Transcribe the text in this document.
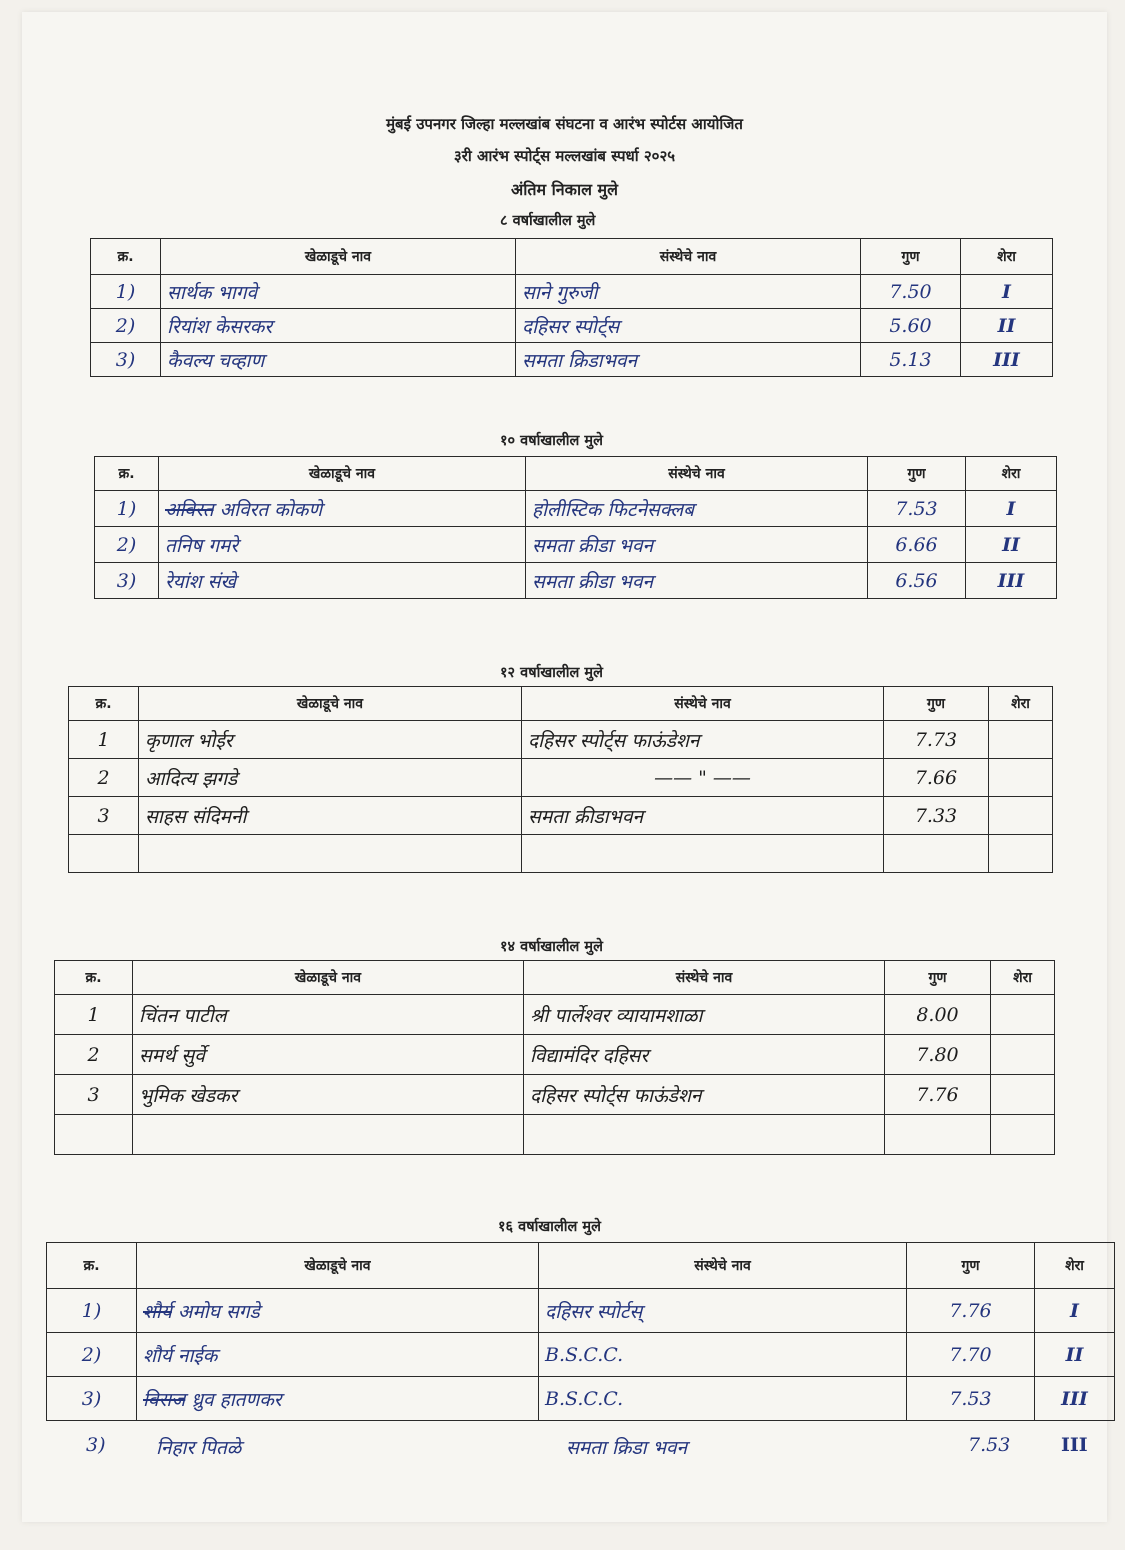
मुंबई उपनगर जिल्हा मल्लखांब संघटना व आरंभ स्पोर्टस आयोजित
३री आरंभ स्पोर्ट्स मल्लखांब स्पर्धा २०२५
अंतिम निकाल मुले
८ वर्षाखालील मुले
क्र.	खेळाडूचे नाव	संस्थेचे नाव	गुण	शेरा
1)	सार्थक भागवे	साने गुरुजी	7.50	I
2)	रियांश केसरकर	दहिसर स्पोर्ट्स	5.60	II
3)	कैवल्य चव्हाण	समता क्रिडाभवन	5.13	III
१० वर्षाखालील मुले
क्र.	खेळाडूचे नाव	संस्थेचे नाव	गुण	शेरा
1)	अविरत अविरत कोकणे	होलीस्टिक फिटनेसक्लब	7.53	I
2)	तनिष गमरे	समता क्रीडा भवन	6.66	II
3)	रेयांश संखे	समता क्रीडा भवन	6.56	III
१२ वर्षाखालील मुले
क्र.	खेळाडूचे नाव	संस्थेचे नाव	गुण	शेरा
1	कृणाल भोईर	दहिसर स्पोर्ट्स फाऊंडेशन	7.73	
2	आदित्य झगडे	—— " ——	7.66	
3	साहस संदिमनी	समता क्रीडाभवन	7.33	

१४ वर्षाखालील मुले
क्र.	खेळाडूचे नाव	संस्थेचे नाव	गुण	शेरा
1	चिंतन पाटील	श्री पार्लेश्वर व्यायामशाळा	8.00	
2	समर्थ सुर्वे	विद्यामंदिर दहिसर	7.80	
3	भुमिक खेडकर	दहिसर स्पोर्ट्स फाऊंडेशन	7.76	

१६ वर्षाखालील मुले
क्र.	खेळाडूचे नाव	संस्थेचे नाव	गुण	शेरा
1)	शौर्य अमोघ सगडे	दहिसर स्पोर्टस्	7.76	I
2)	शौर्य नाईक	B.S.C.C.	7.70	II
3)	विराज ध्रुव हातणकर	B.S.C.C.	7.53	III
3)	निहार पितळे	समता क्रिडा भवन	7.53	III
